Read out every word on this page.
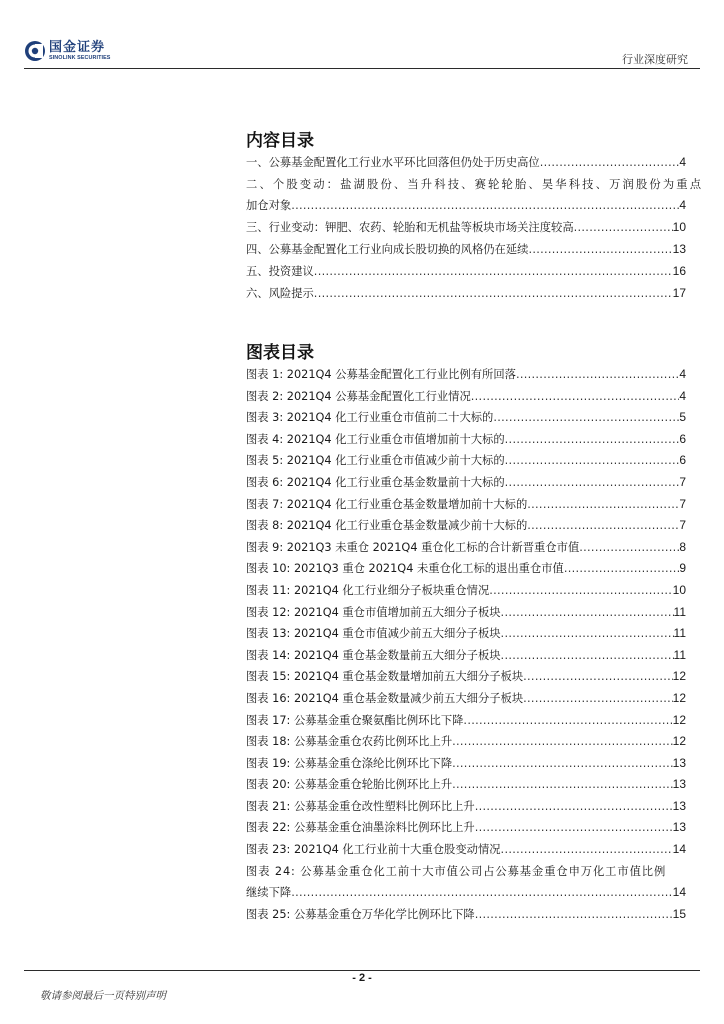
国金证券
SINOLINK SECURITIES	行业深度研究
内容目录
一、公募基金配置化工行业水平环比回落但仍处于历史高位 .....	4
二、个股变动：盐湖股份、当升科技、赛轮轮胎、昊华科技、万润股份为重点
加仓对象 .....	4
三、行业变动：钾肥、农药、轮胎和无机盐等板块市场关注度较高 .....	10
四、公募基金配置化工行业向成长股切换的风格仍在延续 .....	13
五、投资建议 .....	16
六、风险提示 .....	17
图表目录
图表 1: 2021Q4 公募基金配置化工行业比例有所回落 .....	4
图表 2: 2021Q4 公募基金配置化工行业情况 .....	4
图表 3: 2021Q4 化工行业重仓市值前二十大标的 .....	5
图表 4: 2021Q4 化工行业重仓市值增加前十大标的 .....	6
图表 5: 2021Q4 化工行业重仓市值减少前十大标的 .....	6
图表 6: 2021Q4 化工行业重仓基金数量前十大标的 .....	7
图表 7: 2021Q4 化工行业重仓基金数量增加前十大标的 .....	7
图表 8: 2021Q4 化工行业重仓基金数量减少前十大标的 .....	7
图表 9: 2021Q3 未重仓 2021Q4 重仓化工标的合计新晋重仓市值 .....	8
图表 10: 2021Q3 重仓 2021Q4 未重仓化工标的退出重仓市值 .....	9
图表 11: 2021Q4 化工行业细分子板块重仓情况 .....	10
图表 12: 2021Q4 重仓市值增加前五大细分子板块 .....	11
图表 13: 2021Q4 重仓市值减少前五大细分子板块 .....	11
图表 14: 2021Q4 重仓基金数量前五大细分子板块 .....	11
图表 15: 2021Q4 重仓基金数量增加前五大细分子板块 .....	12
图表 16: 2021Q4 重仓基金数量减少前五大细分子板块 .....	12
图表 17: 公募基金重仓聚氨酯比例环比下降 .....	12
图表 18: 公募基金重仓农药比例环比上升 .....	12
图表 19: 公募基金重仓涤纶比例环比下降 .....	13
图表 20: 公募基金重仓轮胎比例环比上升 .....	13
图表 21: 公募基金重仓改性塑料比例环比上升 .....	13
图表 22: 公募基金重仓油墨涂料比例环比上升 .....	13
图表 23: 2021Q4 化工行业前十大重仓股变动情况 .....	14
图表 24: 公募基金重仓化工前十大市值公司占公募基金重仓申万化工市值比例
继续下降 .....	14
图表 25: 公募基金重仓万华化学比例环比下降 .....	15
- 2 -
敬请参阅最后一页特别声明
